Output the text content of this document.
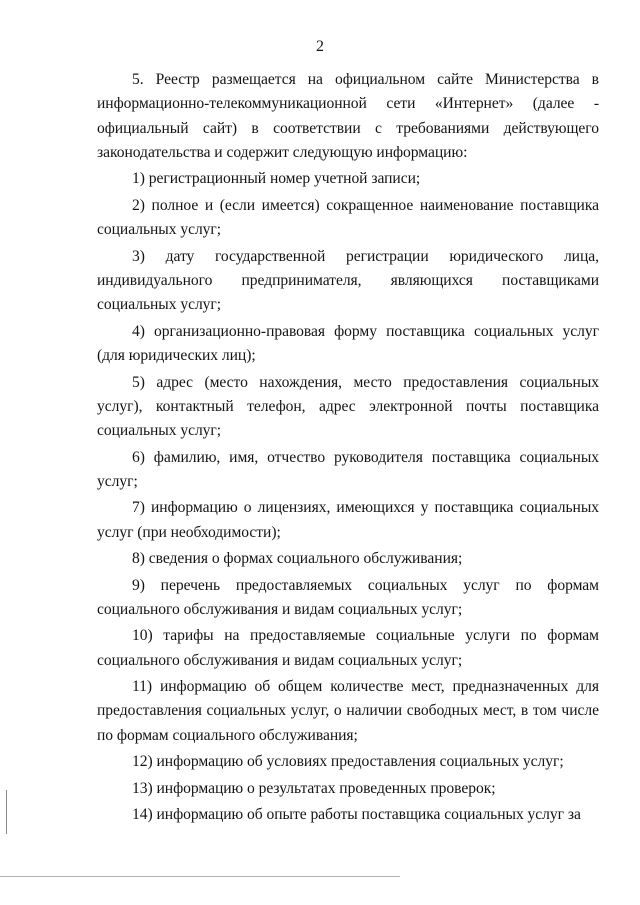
2

5. Реестр размещается на официальном сайте Министерства в информационно-телекоммуникационной сети «Интернет» (далее - официальный сайт) в соответствии с требованиями действующего законодательства и содержит следующую информацию:

1) регистрационный номер учетной записи;

2) полное и (если имеется) сокращенное наименование поставщика социальных услуг;

3) дату государственной регистрации юридического лица, индивидуального предпринимателя, являющихся поставщиками социальных услуг;

4) организационно-правовая форму поставщика социальных услуг (для юридических лиц);

5) адрес (место нахождения, место предоставления социальных услуг), контактный телефон, адрес электронной почты поставщика социальных услуг;

6) фамилию, имя, отчество руководителя поставщика социальных услуг;

7) информацию о лицензиях, имеющихся у поставщика социальных услуг (при необходимости);

8) сведения о формах социального обслуживания;

9) перечень предоставляемых социальных услуг по формам социального обслуживания и видам социальных услуг;

10) тарифы на предоставляемые социальные услуги по формам социального обслуживания и видам социальных услуг;

11) информацию об общем количестве мест, предназначенных для предоставления социальных услуг, о наличии свободных мест, в том числе по формам социального обслуживания;

12) информацию об условиях предоставления социальных услуг;

13) информацию о результатах проведенных проверок;

14) информацию об опыте работы поставщика социальных услуг за
